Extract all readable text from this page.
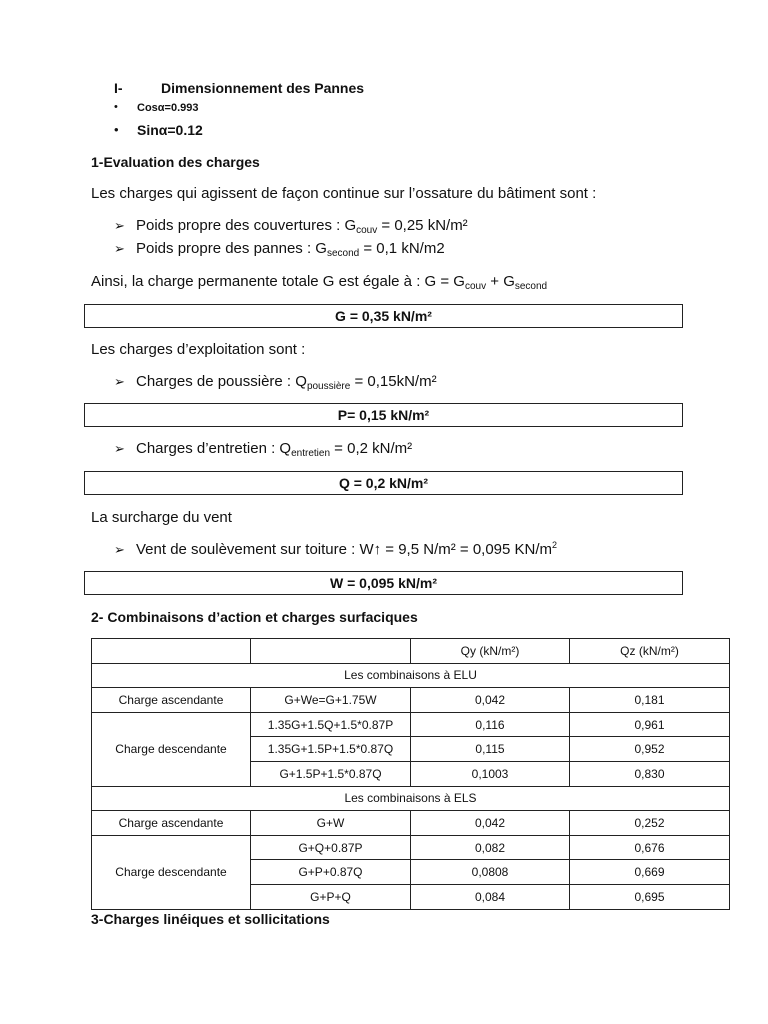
I-	Dimensionnement des Pannes
• Cosα=0.993
• Sinα=0.12
1-Evaluation des charges
Les charges qui agissent de façon continue sur l’ossature du bâtiment sont :
➢ Poids propre des couvertures : $G_{couv} = 0,25$ kN/m²
➢ Poids propre des pannes : $G_{second} = 0,1$ kN/m2
Ainsi, la charge permanente totale G est égale à : $G = G_{couv} + G_{second}$
G = 0,35 kN/m²
Les charges d’exploitation sont :
➢ Charges de poussière : $Q_{poussière} = 0,15kN/m^2$
P= 0,15 kN/m²
➢ Charges d’entretien : $Q_{entretien} = 0,2$ kN/m²
Q = 0,2 kN/m²
La surcharge du vent
➢ Vent de soulèvement sur toiture : W↑ = 9,5 N/m² = 0,095 $KN/m^2$
W = 0,095 kN/m²
2- Combinaisons d’action et charges surfaciques
		Qy (kN/m²)	Qz (kN/m²)
Les combinaisons à ELU			
Charge ascendante	G+We=G+1.75W	0,042	0,181
Charge descendante	1.35G+1.5Q+1.5*0.87P	0,116	0,961
	1.35G+1.5P+1.5*0.87Q	0,115	0,952
	G+1.5P+1.5*0.87Q	0,1003	0,830
Les combinaisons à ELS			
Charge ascendante	G+W	0,042	0,252
Charge descendante	G+Q+0.87P	0,082	0,676
	G+P+0.87Q	0,0808	0,669
	G+P+Q	0,084	0,695
3-Charges linéiques et sollicitations
